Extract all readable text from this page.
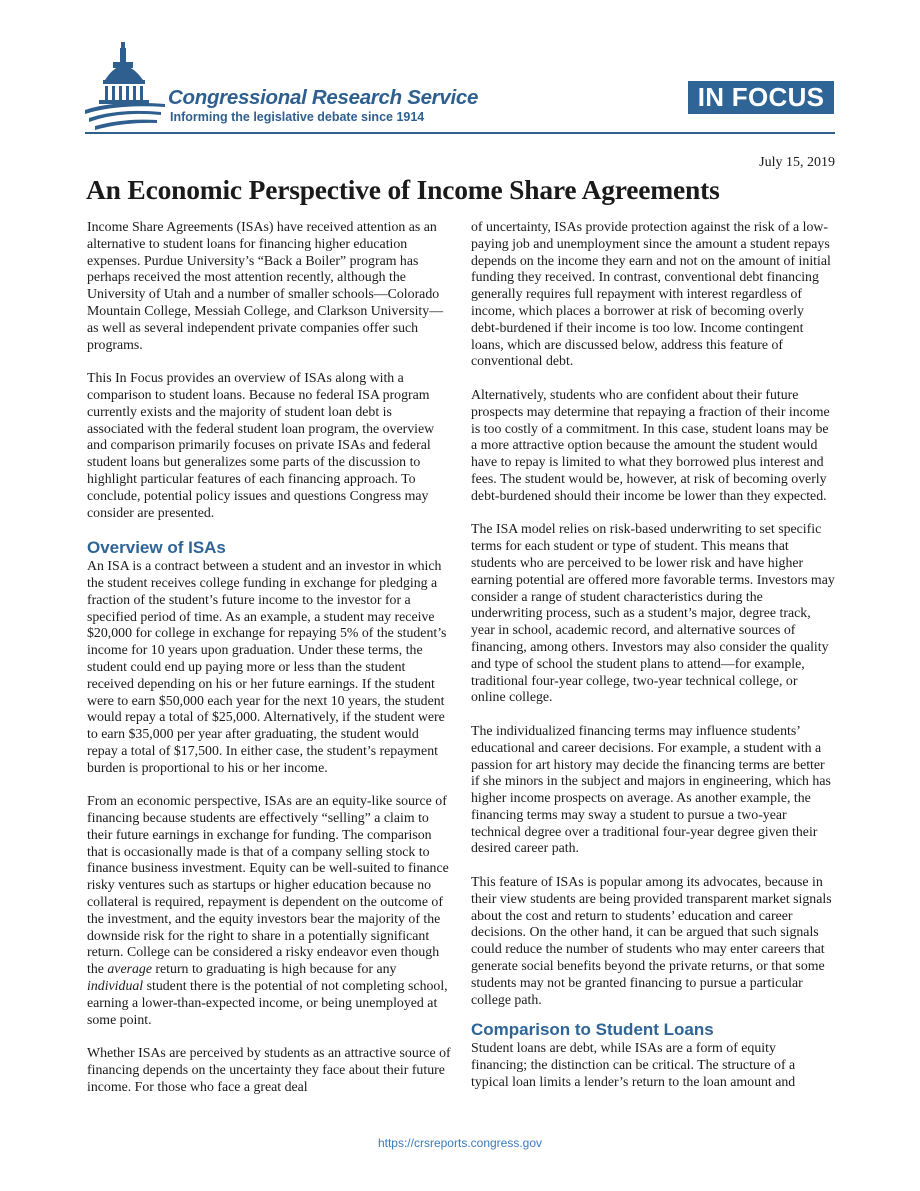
Congressional Research Service
Informing the legislative debate since 1914
IN FOCUS
July 15, 2019
An Economic Perspective of Income Share Agreements

Income Share Agreements (ISAs) have received attention as an alternative to student loans for financing higher education expenses. Purdue University’s “Back a Boiler” program has perhaps received the most attention recently, although the University of Utah and a number of smaller schools—Colorado Mountain College, Messiah College, and Clarkson University—as well as several independent private companies offer such programs.

This In Focus provides an overview of ISAs along with a comparison to student loans. Because no federal ISA program currently exists and the majority of student loan debt is associated with the federal student loan program, the overview and comparison primarily focuses on private ISAs and federal student loans but generalizes some parts of the discussion to highlight particular features of each financing approach. To conclude, potential policy issues and questions Congress may consider are presented.

Overview of ISAs

An ISA is a contract between a student and an investor in which the student receives college funding in exchange for pledging a fraction of the student’s future income to the investor for a specified period of time. As an example, a student may receive $20,000 for college in exchange for repaying 5% of the student’s income for 10 years upon graduation. Under these terms, the student could end up paying more or less than the student received depending on his or her future earnings. If the student were to earn $50,000 each year for the next 10 years, the student would repay a total of $25,000. Alternatively, if the student were to earn $35,000 per year after graduating, the student would repay a total of $17,500. In either case, the student’s repayment burden is proportional to his or her income.

From an economic perspective, ISAs are an equity-like source of financing because students are effectively “selling” a claim to their future earnings in exchange for funding. The comparison that is occasionally made is that of a company selling stock to finance business investment. Equity can be well-suited to finance risky ventures such as startups or higher education because no collateral is required, repayment is dependent on the outcome of the investment, and the equity investors bear the majority of the downside risk for the right to share in a potentially significant return. College can be considered a risky endeavor even though the average return to graduating is high because for any individual student there is the potential of not completing school, earning a lower-than-expected income, or being unemployed at some point.

Whether ISAs are perceived by students as an attractive source of financing depends on the uncertainty they face about their future income. For those who face a great deal

of uncertainty, ISAs provide protection against the risk of a low-paying job and unemployment since the amount a student repays depends on the income they earn and not on the amount of initial funding they received. In contrast, conventional debt financing generally requires full repayment with interest regardless of income, which places a borrower at risk of becoming overly debt-burdened if their income is too low. Income contingent loans, which are discussed below, address this feature of conventional debt.

Alternatively, students who are confident about their future prospects may determine that repaying a fraction of their income is too costly of a commitment. In this case, student loans may be a more attractive option because the amount the student would have to repay is limited to what they borrowed plus interest and fees. The student would be, however, at risk of becoming overly debt-burdened should their income be lower than they expected.

The ISA model relies on risk-based underwriting to set specific terms for each student or type of student. This means that students who are perceived to be lower risk and have higher earning potential are offered more favorable terms. Investors may consider a range of student characteristics during the underwriting process, such as a student’s major, degree track, year in school, academic record, and alternative sources of financing, among others. Investors may also consider the quality and type of school the student plans to attend—for example, traditional four-year college, two-year technical college, or online college.

The individualized financing terms may influence students’ educational and career decisions. For example, a student with a passion for art history may decide the financing terms are better if she minors in the subject and majors in engineering, which has higher income prospects on average. As another example, the financing terms may sway a student to pursue a two-year technical degree over a traditional four-year degree given their desired career path.

This feature of ISAs is popular among its advocates, because in their view students are being provided transparent market signals about the cost and return to students’ education and career decisions. On the other hand, it can be argued that such signals could reduce the number of students who may enter careers that generate social benefits beyond the private returns, or that some students may not be granted financing to pursue a particular college path.

Comparison to Student Loans

Student loans are debt, while ISAs are a form of equity financing; the distinction can be critical. The structure of a typical loan limits a lender’s return to the loan amount and

https://crsreports.congress.gov
